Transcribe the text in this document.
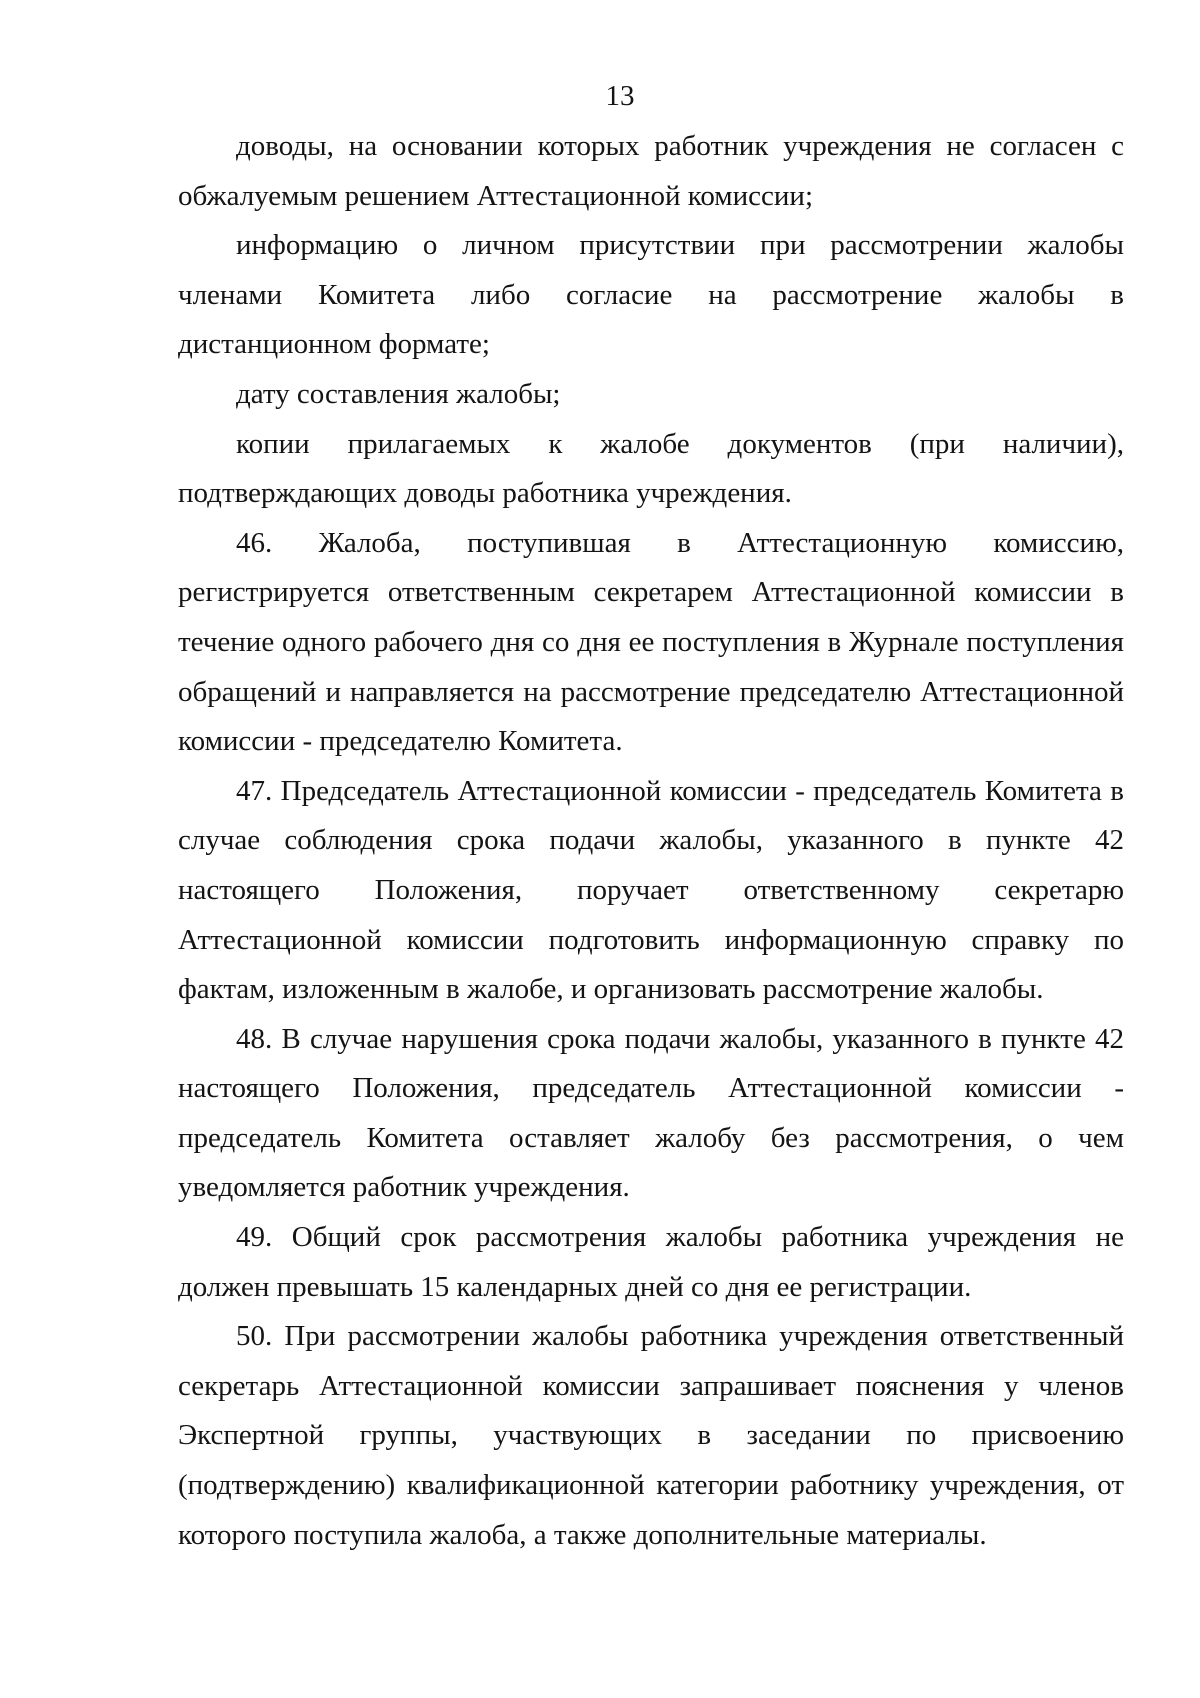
13

доводы, на основании которых работник учреждения не согласен с обжалуемым решением Аттестационной комиссии;

информацию о личном присутствии при рассмотрении жалобы членами Комитета либо согласие на рассмотрение жалобы в дистанционном формате;

дату составления жалобы;

копии прилагаемых к жалобе документов (при наличии), подтверждающих доводы работника учреждения.

46. Жалоба, поступившая в Аттестационную комиссию, регистрируется ответственным секретарем Аттестационной комиссии в течение одного рабочего дня со дня ее поступления в Журнале поступления обращений и направляется на рассмотрение председателю Аттестационной комиссии - председателю Комитета.

47. Председатель Аттестационной комиссии - председатель Комитета в случае соблюдения срока подачи жалобы, указанного в пункте 42 настоящего Положения, поручает ответственному секретарю Аттестационной комиссии подготовить информационную справку по фактам, изложенным в жалобе, и организовать рассмотрение жалобы.

48. В случае нарушения срока подачи жалобы, указанного в пункте 42 настоящего Положения, председатель Аттестационной комиссии - председатель Комитета оставляет жалобу без рассмотрения, о чем уведомляется работник учреждения.

49. Общий срок рассмотрения жалобы работника учреждения не должен превышать 15 календарных дней со дня ее регистрации.

50. При рассмотрении жалобы работника учреждения ответственный секретарь Аттестационной комиссии запрашивает пояснения у членов Экспертной группы, участвующих в заседании по присвоению (подтверждению) квалификационной категории работнику учреждения, от которого поступила жалоба, а также дополнительные материалы.
